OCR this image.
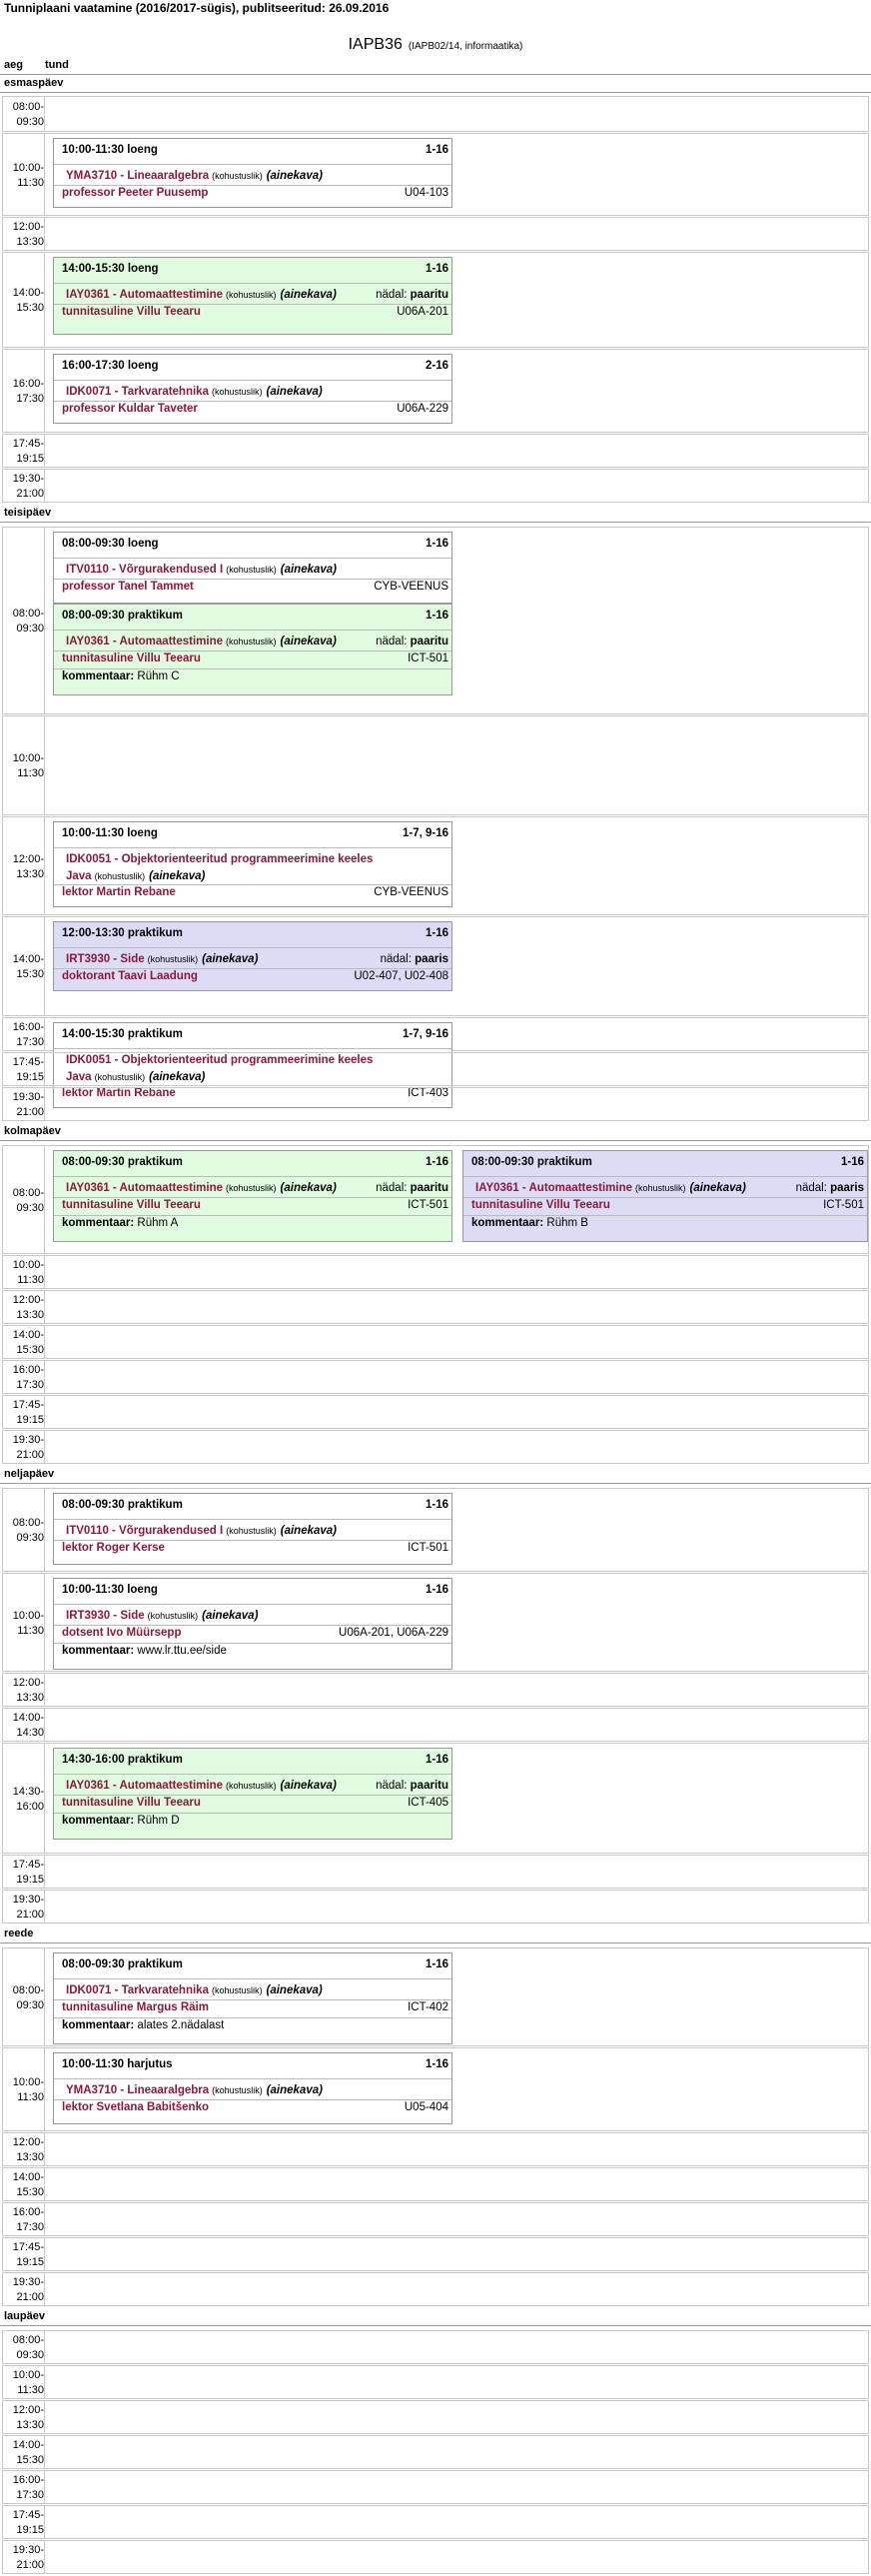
Tunniplaani vaatamine (2016/2017-sügis), publitseeritud: 26.09.2016
IAPB36 (IAPB02/14, informaatika)
aeg tund
esmaspäev
08:00-
09:30
10:00-
11:30
10:00-11:30 loeng	1-16
YMA3710 - Lineaaralgebra (kohustuslik) (ainekava)
professor Peeter Puusemp	U04-103
12:00-
13:30
14:00-
15:30
14:00-15:30 loeng	1-16
IAY0361 - Automaattestimine (kohustuslik) (ainekava)	nädal: paaritu
tunnitasuline Villu Teearu	U06A-201
16:00-
17:30
16:00-17:30 loeng	2-16
IDK0071 - Tarkvaratehnika (kohustuslik) (ainekava)
professor Kuldar Taveter	U06A-229
17:45-
19:15
19:30-
21:00
teisipäev
08:00-
09:30
08:00-09:30 loeng	1-16
ITV0110 - Võrgurakendused I (kohustuslik) (ainekava)
professor Tanel Tammet	CYB-VEENUS
08:00-09:30 praktikum	1-16
IAY0361 - Automaattestimine (kohustuslik) (ainekava)	nädal: paaritu
tunnitasuline Villu Teearu	ICT-501
kommentaar: Rühm C
10:00-
11:30
12:00-
13:30
10:00-11:30 loeng	1-7, 9-16
IDK0051 - Objektorienteeritud programmeerimine keeles
Java (kohustuslik) (ainekava)
lektor Martin Rebane	CYB-VEENUS
14:00-
15:30
12:00-13:30 praktikum	1-16
IRT3930 - Side (kohustuslik) (ainekava)	nädal: paaris
doktorant Taavi Laadung	U02-407, U02-408
16:00-
17:30
14:00-15:30 praktikum	1-7, 9-16
IDK0051 - Objektorienteeritud programmeerimine keeles
Java (kohustuslik) (ainekava)
lektor Martin Rebane	ICT-403
17:45-
19:15
19:30-
21:00
kolmapäev
08:00-
09:30
08:00-09:30 praktikum	1-16
IAY0361 - Automaattestimine (kohustuslik) (ainekava)	nädal: paaritu
tunnitasuline Villu Teearu	ICT-501
kommentaar: Rühm A
08:00-09:30 praktikum	1-16
IAY0361 - Automaattestimine (kohustuslik) (ainekava)	nädal: paaris
tunnitasuline Villu Teearu	ICT-501
kommentaar: Rühm B
10:00-
11:30
12:00-
13:30
14:00-
15:30
16:00-
17:30
17:45-
19:15
19:30-
21:00
neljapäev
08:00-
09:30
08:00-09:30 praktikum	1-16
ITV0110 - Võrgurakendused I (kohustuslik) (ainekava)
lektor Roger Kerse	ICT-501
10:00-
11:30
10:00-11:30 loeng	1-16
IRT3930 - Side (kohustuslik) (ainekava)
dotsent Ivo Müürsepp	U06A-201, U06A-229
kommentaar: www.lr.ttu.ee/side
12:00-
13:30
14:00-
14:30
14:30-
16:00
14:30-16:00 praktikum	1-16
IAY0361 - Automaattestimine (kohustuslik) (ainekava)	nädal: paaritu
tunnitasuline Villu Teearu	ICT-405
kommentaar: Rühm D
17:45-
19:15
19:30-
21:00
reede
08:00-
09:30
08:00-09:30 praktikum	1-16
IDK0071 - Tarkvaratehnika (kohustuslik) (ainekava)
tunnitasuline Margus Räim	ICT-402
kommentaar: alates 2.nädalast
10:00-
11:30
10:00-11:30 harjutus	1-16
YMA3710 - Lineaaralgebra (kohustuslik) (ainekava)
lektor Svetlana Babitšenko	U05-404
12:00-
13:30
14:00-
15:30
16:00-
17:30
17:45-
19:15
19:30-
21:00
laupäev
08:00-
09:30
10:00-
11:30
12:00-
13:30
14:00-
15:30
16:00-
17:30
17:45-
19:15
19:30-
21:00
